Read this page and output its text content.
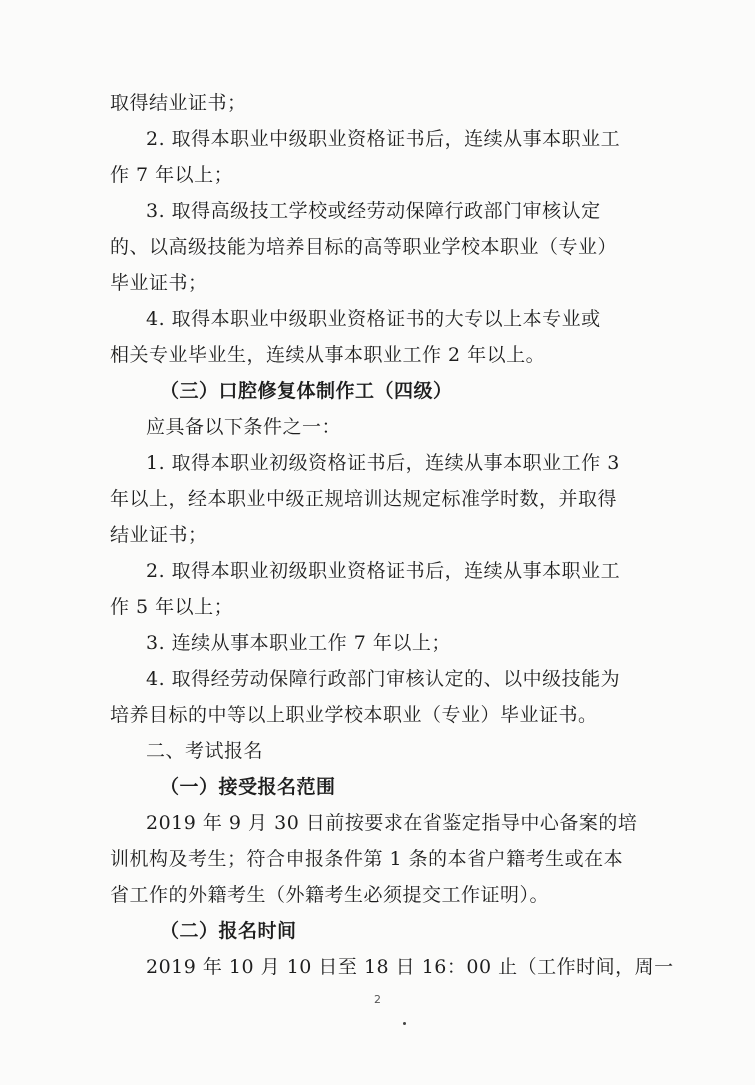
取得结业证书；
2. 取得本职业中级职业资格证书后，连续从事本职业工
作 7 年以上；
3. 取得高级技工学校或经劳动保障行政部门审核认定
的、以高级技能为培养目标的高等职业学校本职业（专业）
毕业证书；
4. 取得本职业中级职业资格证书的大专以上本专业或
相关专业毕业生，连续从事本职业工作 2 年以上。
（三）口腔修复体制作工（四级）
应具备以下条件之一：
1. 取得本职业初级资格证书后，连续从事本职业工作 3
年以上，经本职业中级正规培训达规定标准学时数，并取得
结业证书；
2. 取得本职业初级职业资格证书后，连续从事本职业工
作 5 年以上；
3. 连续从事本职业工作 7 年以上；
4. 取得经劳动保障行政部门审核认定的、以中级技能为
培养目标的中等以上职业学校本职业（专业）毕业证书。
二、考试报名
（一）接受报名范围
2019 年 9 月 30 日前按要求在省鉴定指导中心备案的培
训机构及考生；符合申报条件第 1 条的本省户籍考生或在本
省工作的外籍考生（外籍考生必须提交工作证明）。
（二）报名时间
2019 年 10 月 10 日至 18 日 16：00 止（工作时间，周一
2
